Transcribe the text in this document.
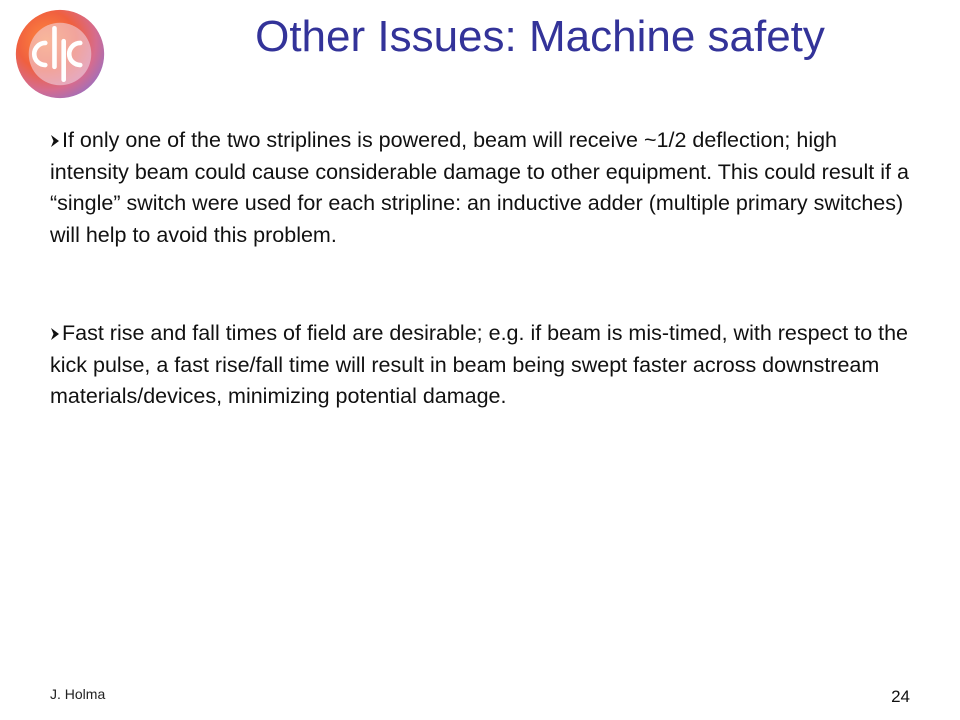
Other Issues: Machine safety

If only one of the two striplines is powered, beam will receive ~1/2 deflection; high intensity beam could cause considerable damage to other equipment. This could result if a “single” switch were used for each stripline: an inductive adder (multiple primary switches) will help to avoid this problem.

Fast rise and fall times of field are desirable; e.g. if beam is mis-timed, with respect to the kick pulse, a fast rise/fall time will result in beam being swept faster across downstream materials/devices, minimizing potential damage.

J. Holma	24
